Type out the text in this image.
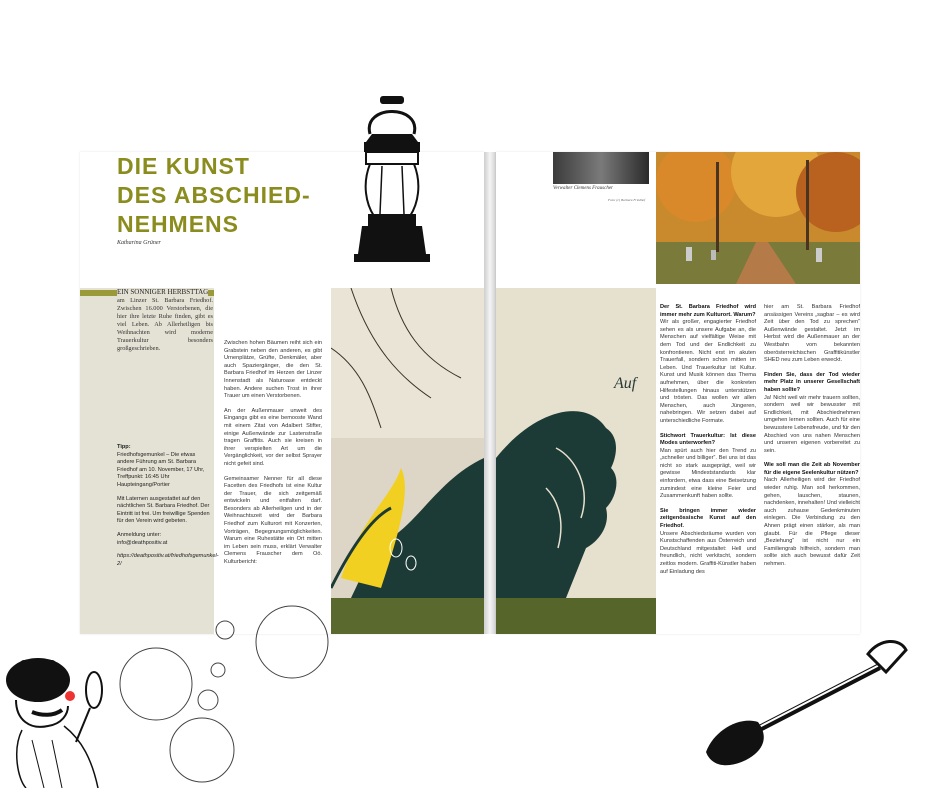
DIE KUNST
DES ABSCHIED-
NEHMENS
Katharina Grüner
EIN SONNIGER HERBSTTAG
am Linzer St. Barbara Friedhof. Zwischen 16.000 Verstorbenen, die hier ihre letzte Ruhe finden, gibt es viel Leben. Ab Allerheiligen bis Weihnachten wird moderne Trauerkultur besonders großgeschrieben.

Tipp:

Friedhofsgemunkel – Die etwas andere Führung am St. Barbara Friedhof am 10. November, 17 Uhr, Treffpunkt: 16:45 Uhr Haupteingang/Portier

Mit Laternen ausgestattet auf den nächtlichen St. Barbara Friedhof. Der Eintritt ist frei. Um freiwillige Spenden für den Verein wird gebeten.

Anmeldung unter:

info@deathpositiv.at

https://deathpositiv.at/friedhofsgemunkel-2/

Zwischen hohen Bäumen reiht sich ein Grabstein neben den anderen, es gibt Urnenplätze, Grüfte, Denkmäler, aber auch Spaziergänger, die den St. Barbara Friedhof im Herzen der Linzer Innenstadt als Naturoase entdeckt haben. Andere suchen Trost in ihrer Trauer um einen Verstorbenen.

An der Außenmauer unweit des Eingangs gibt es eine bemooste Wand mit einem Zitat von Adalbert Stifter, einige Außenwände zur Lastenstraße tragen Graffitis. Auch sie kreisen in ihrer verspielten Art um die Vergänglichkeit, vor der selbst Sprayer nicht gefeit sind.

Gemeinsamer Nenner für all diese Facetten des Friedhofs ist eine Kultur der Trauer, die sich zeitgemäß entwickeln und entfalten darf. Besonders ab Allerheiligen und in der Weihnachtszeit wird der Barbara Friedhof zum Kulturort mit Konzerten, Vorträgen, Begegnungsmöglichkeiten. Warum eine Ruhestätte ein Ort mitten im Leben sein muss, erklärt Verwalter Clemens Frauscher dem Oö. Kulturbericht:

Auf
Verwalter Clemens Frauscher
Foto: (c) Barbara Friedhof

Der St. Barbara Friedhof wird immer mehr zum Kulturort. Warum?

Wir als großer, engagierter Friedhof sehen es als unsere Aufgabe an, die Menschen auf vielfältige Weise mit dem Tod und der Endlichkeit zu konfrontieren. Nicht erst im akuten Trauerfall, sondern schon mitten im Leben. Und Trauerkultur ist Kultur. Kunst und Musik können das Thema aufnehmen, über die konkreten Hilfestellungen hinaus unterstützen und trösten. Das wollen wir allen Menschen, auch Jüngeren, nahebringen. Wir setzen dabei auf unterschiedliche Formate.

Stichwort Trauerkultur: Ist diese Modes unterworfen?

Man spürt auch hier den Trend zu „schneller und billiger“. Bei uns ist das nicht so stark ausgeprägt, weil wir gewisse Mindeststandards klar einfordern, etwa dass eine Beisetzung zumindest eine kleine Feier und Zusammenkunft haben sollte.

Sie bringen immer wieder zeitgenössische Kunst auf den Friedhof.

Unsere Abschiedsräume wurden von Kunstschaffenden aus Österreich und Deutschland mitgestaltet: Hell und freundlich, nicht verkitscht, sondern zeitlos modern. Graffiti-Künstler haben auf Einladung des

hier am St. Barbara Friedhof ansässigen Vereins „sagbar – es wird Zeit über den Tod zu sprechen“ Außenwände gestaltet. Jetzt im Herbst wird die Außenmauer an der Westbahn vom bekannten oberösterreichischen Graffitikünstler SHED neu zum Leben erweckt.

Finden Sie, dass der Tod wieder mehr Platz in unserer Gesellschaft haben sollte?

Ja! Nicht weil wir mehr trauern sollten, sondern weil wir bewusster mit Endlichkeit, mit Abschiednehmen umgehen lernen sollten. Auch für eine bewusstere Lebensfreude, und für den Abschied von uns nahen Menschen und unseren eigenen vorbereitet zu sein.

Wie soll man die Zeit ab November für die eigene Seelenkultur nützen?

Nach Allerheiligen wird der Friedhof wieder ruhig. Man soll herkommen, gehen, lauschen, staunen, nachdenken, innehalten! Und vielleicht auch zuhause Gedenkminuten einlegen. Die Verbindung zu den Ahnen prägt einen stärker, als man glaubt. Für die Pflege dieser „Beziehung“ ist nicht nur ein Familiengrab hilfreich, sondern man sollte sich auch bewusst dafür Zeit nehmen.
